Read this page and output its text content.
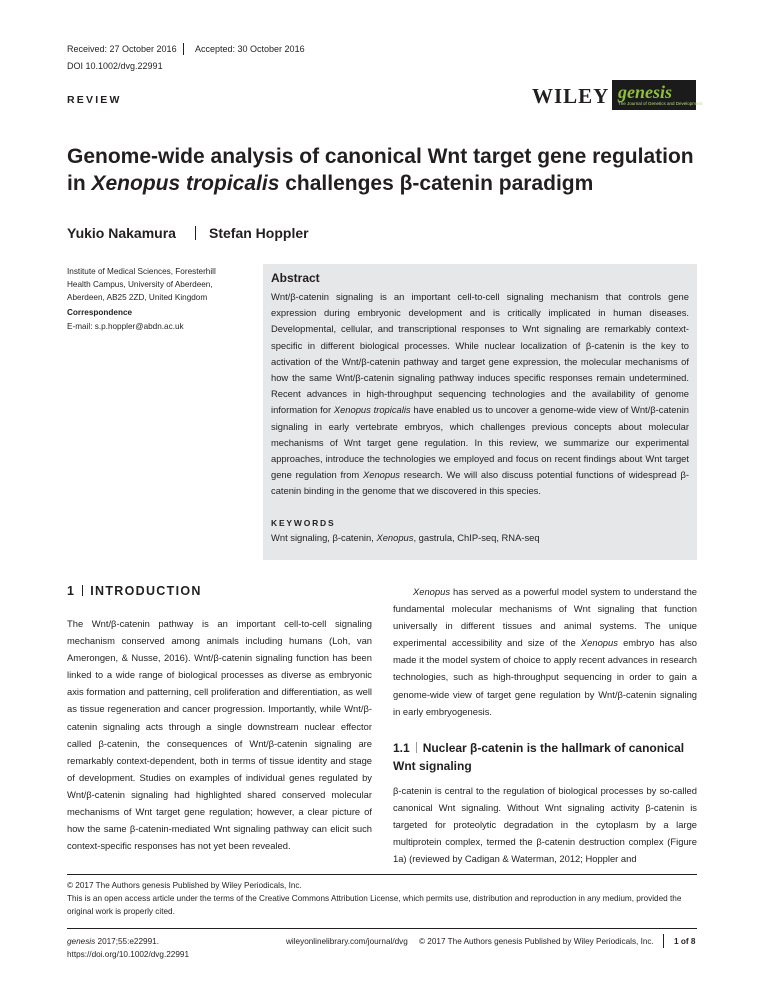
Received: 27 October 2016 Accepted: 30 October 2016
DOI 10.1002/dvg.22991
REVIEW	WILEY genesis
The Journal of Genetics and Development
Genome-wide analysis of canonical Wnt target gene regulation
in Xenopus tropicalis challenges β-catenin paradigm
Yukio Nakamura Stefan Hoppler
Institute of Medical Sciences, Foresterhill
Health Campus, University of Aberdeen,
Aberdeen, AB25 2ZD, United Kingdom
Correspondence
E-mail: s.p.hoppler@abdn.ac.uk
Abstract
Wnt/β-catenin signaling is an important cell-to-cell signaling mechanism that controls gene expression during embryonic development and is critically implicated in human diseases. Developmental, cellular, and transcriptional responses to Wnt signaling are remarkably context-specific in different biological processes. While nuclear localization of β-catenin is the key to activation of the Wnt/β-catenin pathway and target gene expression, the molecular mechanisms of how the same Wnt/β-catenin signaling pathway induces specific responses remain undetermined. Recent advances in high-throughput sequencing technologies and the availability of genome information for Xenopus tropicalis have enabled us to uncover a genome-wide view of Wnt/β-catenin signaling in early vertebrate embryos, which challenges previous concepts about molecular mechanisms of Wnt target gene regulation. In this review, we summarize our experimental approaches, introduce the technologies we employed and focus on recent findings about Wnt target gene regulation from Xenopus research. We will also discuss potential functions of widespread β-catenin binding in the genome that we discovered in this species.
KEYWORDS
Wnt signaling, β-catenin, Xenopus, gastrula, ChIP-seq, RNA-seq
1 INTRODUCTION
The Wnt/β-catenin pathway is an important cell-to-cell signaling mechanism conserved among animals including humans (Loh, van Amerongen, & Nusse, 2016). Wnt/β-catenin signaling function has been linked to a wide range of biological processes as diverse as embryonic axis formation and patterning, cell proliferation and differentiation, as well as tissue regeneration and cancer progression. Importantly, while Wnt/β-catenin signaling acts through a single downstream nuclear effector called β-catenin, the consequences of Wnt/β-catenin signaling are remarkably context-dependent, both in terms of tissue identity and stage of development. Studies on examples of individual genes regulated by Wnt/β-catenin signaling had highlighted shared conserved molecular mechanisms of Wnt target gene regulation; however, a clear picture of how the same β-catenin-mediated Wnt signaling pathway can elicit such context-specific responses has not yet been revealed.
Xenopus has served as a powerful model system to understand the fundamental molecular mechanisms of Wnt signaling that function universally in different tissues and animal systems. The unique experimental accessibility and size of the Xenopus embryo has also made it the model system of choice to apply recent advances in research technologies, such as high-throughput sequencing in order to gain a genome-wide view of target gene regulation by Wnt/β-catenin signaling in early embryogenesis.
1.1 Nuclear β-catenin is the hallmark of canonical Wnt signaling
β-catenin is central to the regulation of biological processes by so-called canonical Wnt signaling. Without Wnt signaling activity β-catenin is targeted for proteolytic degradation in the cytoplasm by a large multiprotein complex, termed the β-catenin destruction complex (Figure 1a) (reviewed by Cadigan & Waterman, 2012; Hoppler and
© 2017 The Authors genesis Published by Wiley Periodicals, Inc.
This is an open access article under the terms of the Creative Commons Attribution License, which permits use, distribution and reproduction in any medium, provided the original work is properly cited.
genesis 2017;55:e22991.
https://doi.org/10.1002/dvg.22991
wileyonlinelibrary.com/journal/dvg © 2017 The Authors genesis Published by Wiley Periodicals, Inc. 1 of 8
